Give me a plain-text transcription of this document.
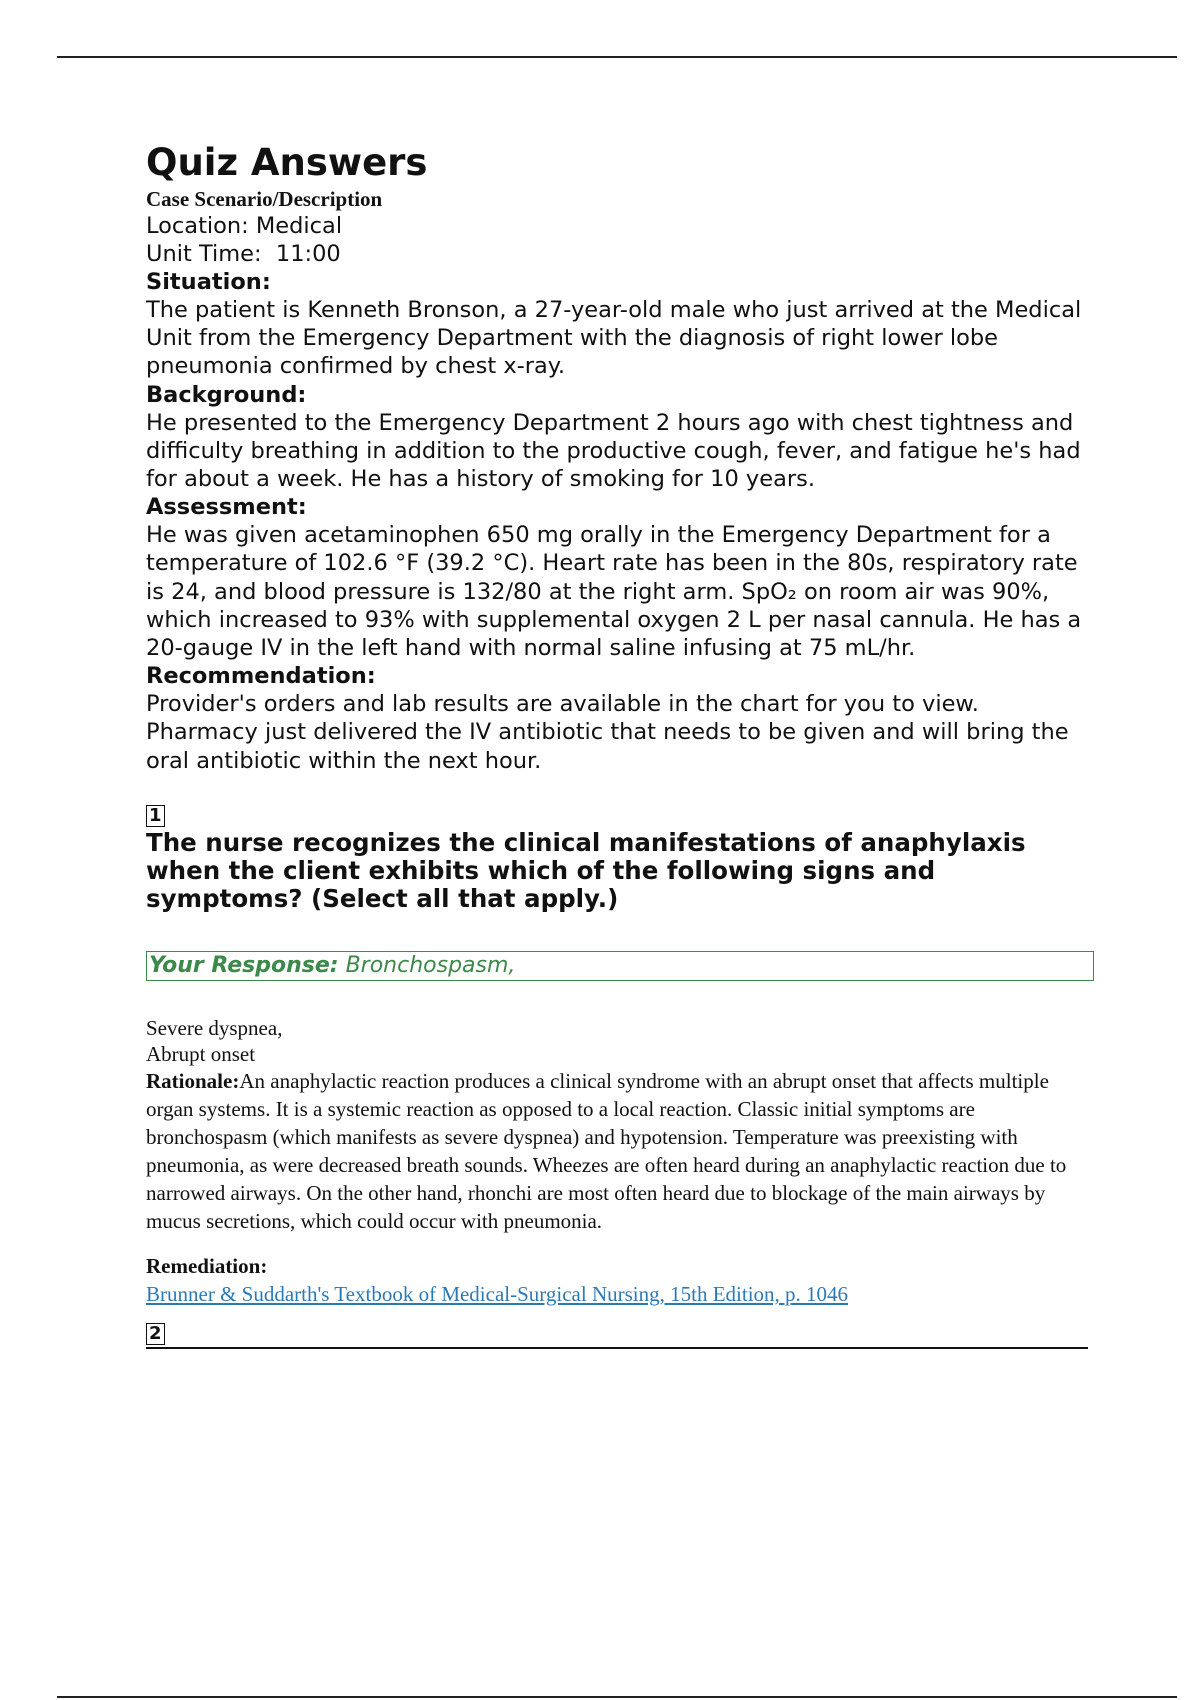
Quiz Answers

Case Scenario/Description

Location: Medical

Unit Time:  11:00

Situation:

The patient is Kenneth Bronson, a 27-year-old male who just arrived at the Medical Unit from the Emergency Department with the diagnosis of right lower lobe pneumonia confirmed by chest x-ray.

Background:

He presented to the Emergency Department 2 hours ago with chest tightness and difficulty breathing in addition to the productive cough, fever, and fatigue he's had for about a week. He has a history of smoking for 10 years.

Assessment:

He was given acetaminophen 650 mg orally in the Emergency Department for a temperature of 102.6 °F (39.2 °C). Heart rate has been in the 80s, respiratory rate is 24, and blood pressure is 132/80 at the right arm. SpO₂ on room air was 90%, which increased to 93% with supplemental oxygen 2 L per nasal cannula. He has a 20-gauge IV in the left hand with normal saline infusing at 75 mL/hr.

Recommendation:

Provider's orders and lab results are available in the chart for you to view. Pharmacy just delivered the IV antibiotic that needs to be given and will bring the oral antibiotic within the next hour.

1

The nurse recognizes the clinical manifestations of anaphylaxis when the client exhibits which of the following signs and symptoms? (Select all that apply.)

Your Response: Bronchospasm,

Severe dyspnea,

Abrupt onset

Rationale:An anaphylactic reaction produces a clinical syndrome with an abrupt onset that affects multiple organ systems. It is a systemic reaction as opposed to a local reaction. Classic initial symptoms are bronchospasm (which manifests as severe dyspnea) and hypotension. Temperature was preexisting with pneumonia, as were decreased breath sounds. Wheezes are often heard during an anaphylactic reaction due to narrowed airways. On the other hand, rhonchi are most often heard due to blockage of the main airways by mucus secretions, which could occur with pneumonia.

Remediation:

Brunner & Suddarth's Textbook of Medical-Surgical Nursing, 15th Edition, p. 1046
2
